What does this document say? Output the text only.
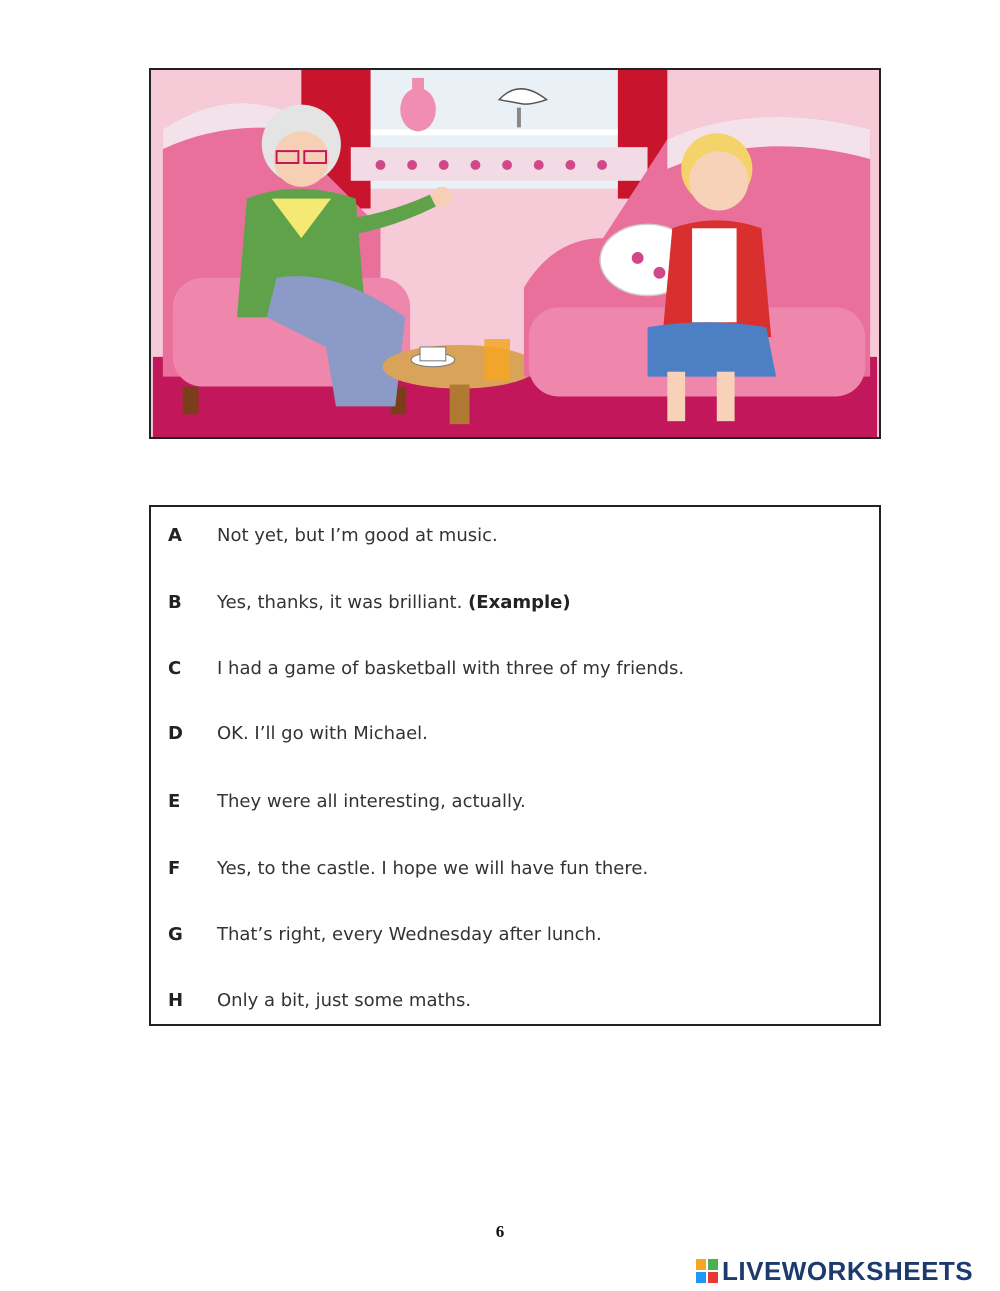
A	Not yet, but I’m good at music.
B	Yes, thanks, it was brilliant. (Example)
C	I had a game of basketball with three of my friends.
D	OK. I’ll go with Michael.
E	They were all interesting, actually.
F	Yes, to the castle. I hope we will have fun there.
G	That’s right, every Wednesday after lunch.
H	Only a bit, just some maths.
6
LIVEWORKSHEETS
